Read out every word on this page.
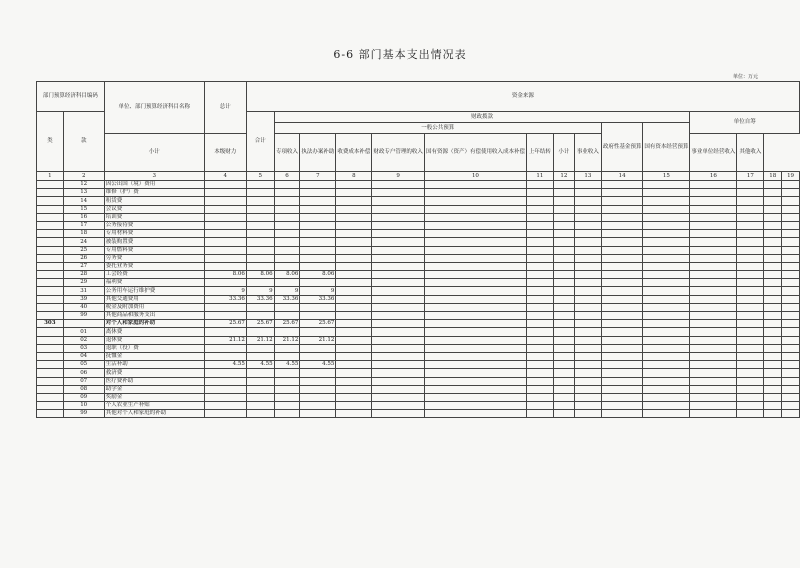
6-6 部门基本支出情况表
单位：万元
部门预算经济科目编码		单位、部门预算经济科目名称	总计	资金来源														
类	款			合计	财政拨款										单位自筹			
					一般公共预算								政府性基金预算	国有资本经营预算				
		小计	本级财力		专项收入	执法办案补助	收费成本补偿	财政专户管理的收入	国有资源（资产）有偿使用收入成本补偿	上年结转	小计	事业收入			事业单位经营收入	其他收入		
1	2	3	4	5	6	7	8	9	10	11	12	13	14	15	16	17	18	19
	12	因公出国（境）费用																
	13	维修（护）费																
	14	租赁费																
	15	会议费																
	16	培训费																
	17	公务接待费																
	18	专用材料费																
	24	被装购置费																
	25	专用燃料费																
	26	劳务费																
	27	委托业务费																
	28	工会经费	8.06	8.06	8.06	8.06												
	29	福利费																
	31	公务用车运行维护费	9	9	9	9												
	39	其他交通费用	33.36	33.36	33.36	33.36												
	40	税金及附加费用																
	99	其他商品和服务支出																
303		对个人和家庭的补助	25.67	25.67	25.67	25.67												
	01	离休费																
	02	退休费	21.12	21.12	21.12	21.12												
	03	退职（役）费																
	04	抚恤金																
	05	生活补助	4.55	4.55	4.55	4.55												
	06	救济费																
	07	医疗费补助																
	08	助学金																
	09	奖励金																
	10	个人农业生产补贴																
	99	其他对个人和家庭的补助																
